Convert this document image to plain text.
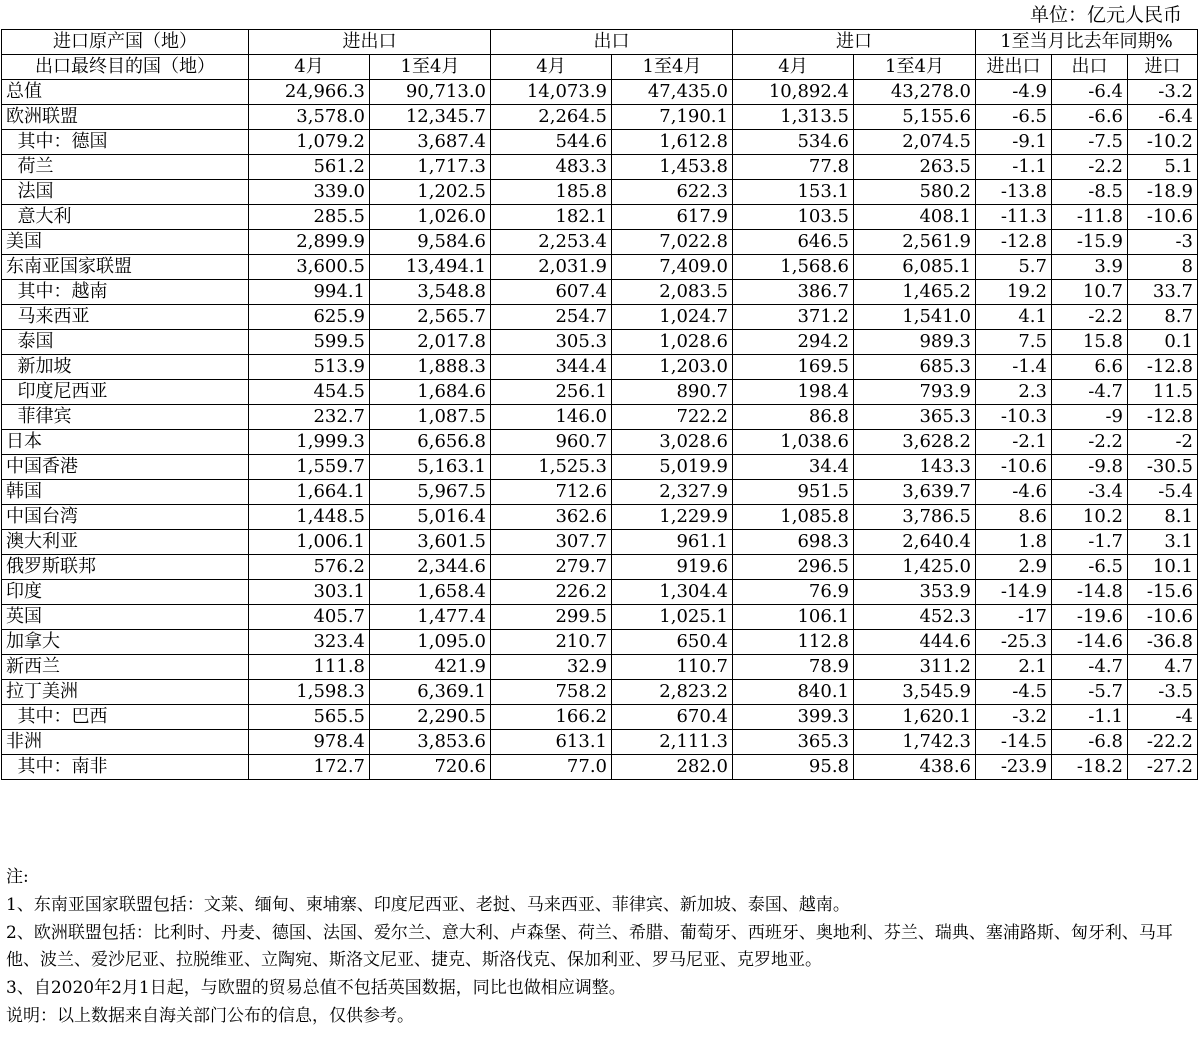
单位：亿元人民币
进口原产国（地）	进出口		出口		进口		1至当月比去年同期%		
出口最终目的国（地）	4月	1至4月	4月	1至4月	4月	1至4月	进出口	出口	进口
总值	24,966.3	90,713.0	14,073.9	47,435.0	10,892.4	43,278.0	-4.9	-6.4	-3.2
欧洲联盟	3,578.0	12,345.7	2,264.5	7,190.1	1,313.5	5,155.6	-6.5	-6.6	-6.4
其中：德国	1,079.2	3,687.4	544.6	1,612.8	534.6	2,074.5	-9.1	-7.5	-10.2
荷兰	561.2	1,717.3	483.3	1,453.8	77.8	263.5	-1.1	-2.2	5.1
法国	339.0	1,202.5	185.8	622.3	153.1	580.2	-13.8	-8.5	-18.9
意大利	285.5	1,026.0	182.1	617.9	103.5	408.1	-11.3	-11.8	-10.6
美国	2,899.9	9,584.6	2,253.4	7,022.8	646.5	2,561.9	-12.8	-15.9	-3
东南亚国家联盟	3,600.5	13,494.1	2,031.9	7,409.0	1,568.6	6,085.1	5.7	3.9	8
其中：越南	994.1	3,548.8	607.4	2,083.5	386.7	1,465.2	19.2	10.7	33.7
马来西亚	625.9	2,565.7	254.7	1,024.7	371.2	1,541.0	4.1	-2.2	8.7
泰国	599.5	2,017.8	305.3	1,028.6	294.2	989.3	7.5	15.8	0.1
新加坡	513.9	1,888.3	344.4	1,203.0	169.5	685.3	-1.4	6.6	-12.8
印度尼西亚	454.5	1,684.6	256.1	890.7	198.4	793.9	2.3	-4.7	11.5
菲律宾	232.7	1,087.5	146.0	722.2	86.8	365.3	-10.3	-9	-12.8
日本	1,999.3	6,656.8	960.7	3,028.6	1,038.6	3,628.2	-2.1	-2.2	-2
中国香港	1,559.7	5,163.1	1,525.3	5,019.9	34.4	143.3	-10.6	-9.8	-30.5
韩国	1,664.1	5,967.5	712.6	2,327.9	951.5	3,639.7	-4.6	-3.4	-5.4
中国台湾	1,448.5	5,016.4	362.6	1,229.9	1,085.8	3,786.5	8.6	10.2	8.1
澳大利亚	1,006.1	3,601.5	307.7	961.1	698.3	2,640.4	1.8	-1.7	3.1
俄罗斯联邦	576.2	2,344.6	279.7	919.6	296.5	1,425.0	2.9	-6.5	10.1
印度	303.1	1,658.4	226.2	1,304.4	76.9	353.9	-14.9	-14.8	-15.6
英国	405.7	1,477.4	299.5	1,025.1	106.1	452.3	-17	-19.6	-10.6
加拿大	323.4	1,095.0	210.7	650.4	112.8	444.6	-25.3	-14.6	-36.8
新西兰	111.8	421.9	32.9	110.7	78.9	311.2	2.1	-4.7	4.7
拉丁美洲	1,598.3	6,369.1	758.2	2,823.2	840.1	3,545.9	-4.5	-5.7	-3.5
其中：巴西	565.5	2,290.5	166.2	670.4	399.3	1,620.1	-3.2	-1.1	-4
非洲	978.4	3,853.6	613.1	2,111.3	365.3	1,742.3	-14.5	-6.8	-22.2
其中：南非	172.7	720.6	77.0	282.0	95.8	438.6	-23.9	-18.2	-27.2
注:
1、东南亚国家联盟包括：文莱、缅甸、柬埔寨、印度尼西亚、老挝、马来西亚、菲律宾、新加坡、泰国、越南。
2、欧洲联盟包括：比利时、丹麦、德国、法国、爱尔兰、意大利、卢森堡、荷兰、希腊、葡萄牙、西班牙、奥地利、芬兰、瑞典、塞浦路斯、匈牙利、马耳他、波兰、爱沙尼亚、拉脱维亚、立陶宛、斯洛文尼亚、捷克、斯洛伐克、保加利亚、罗马尼亚、克罗地亚。
3、自2020年2月1日起，与欧盟的贸易总值不包括英国数据，同比也做相应调整。
说明：以上数据来自海关部门公布的信息，仅供参考。
